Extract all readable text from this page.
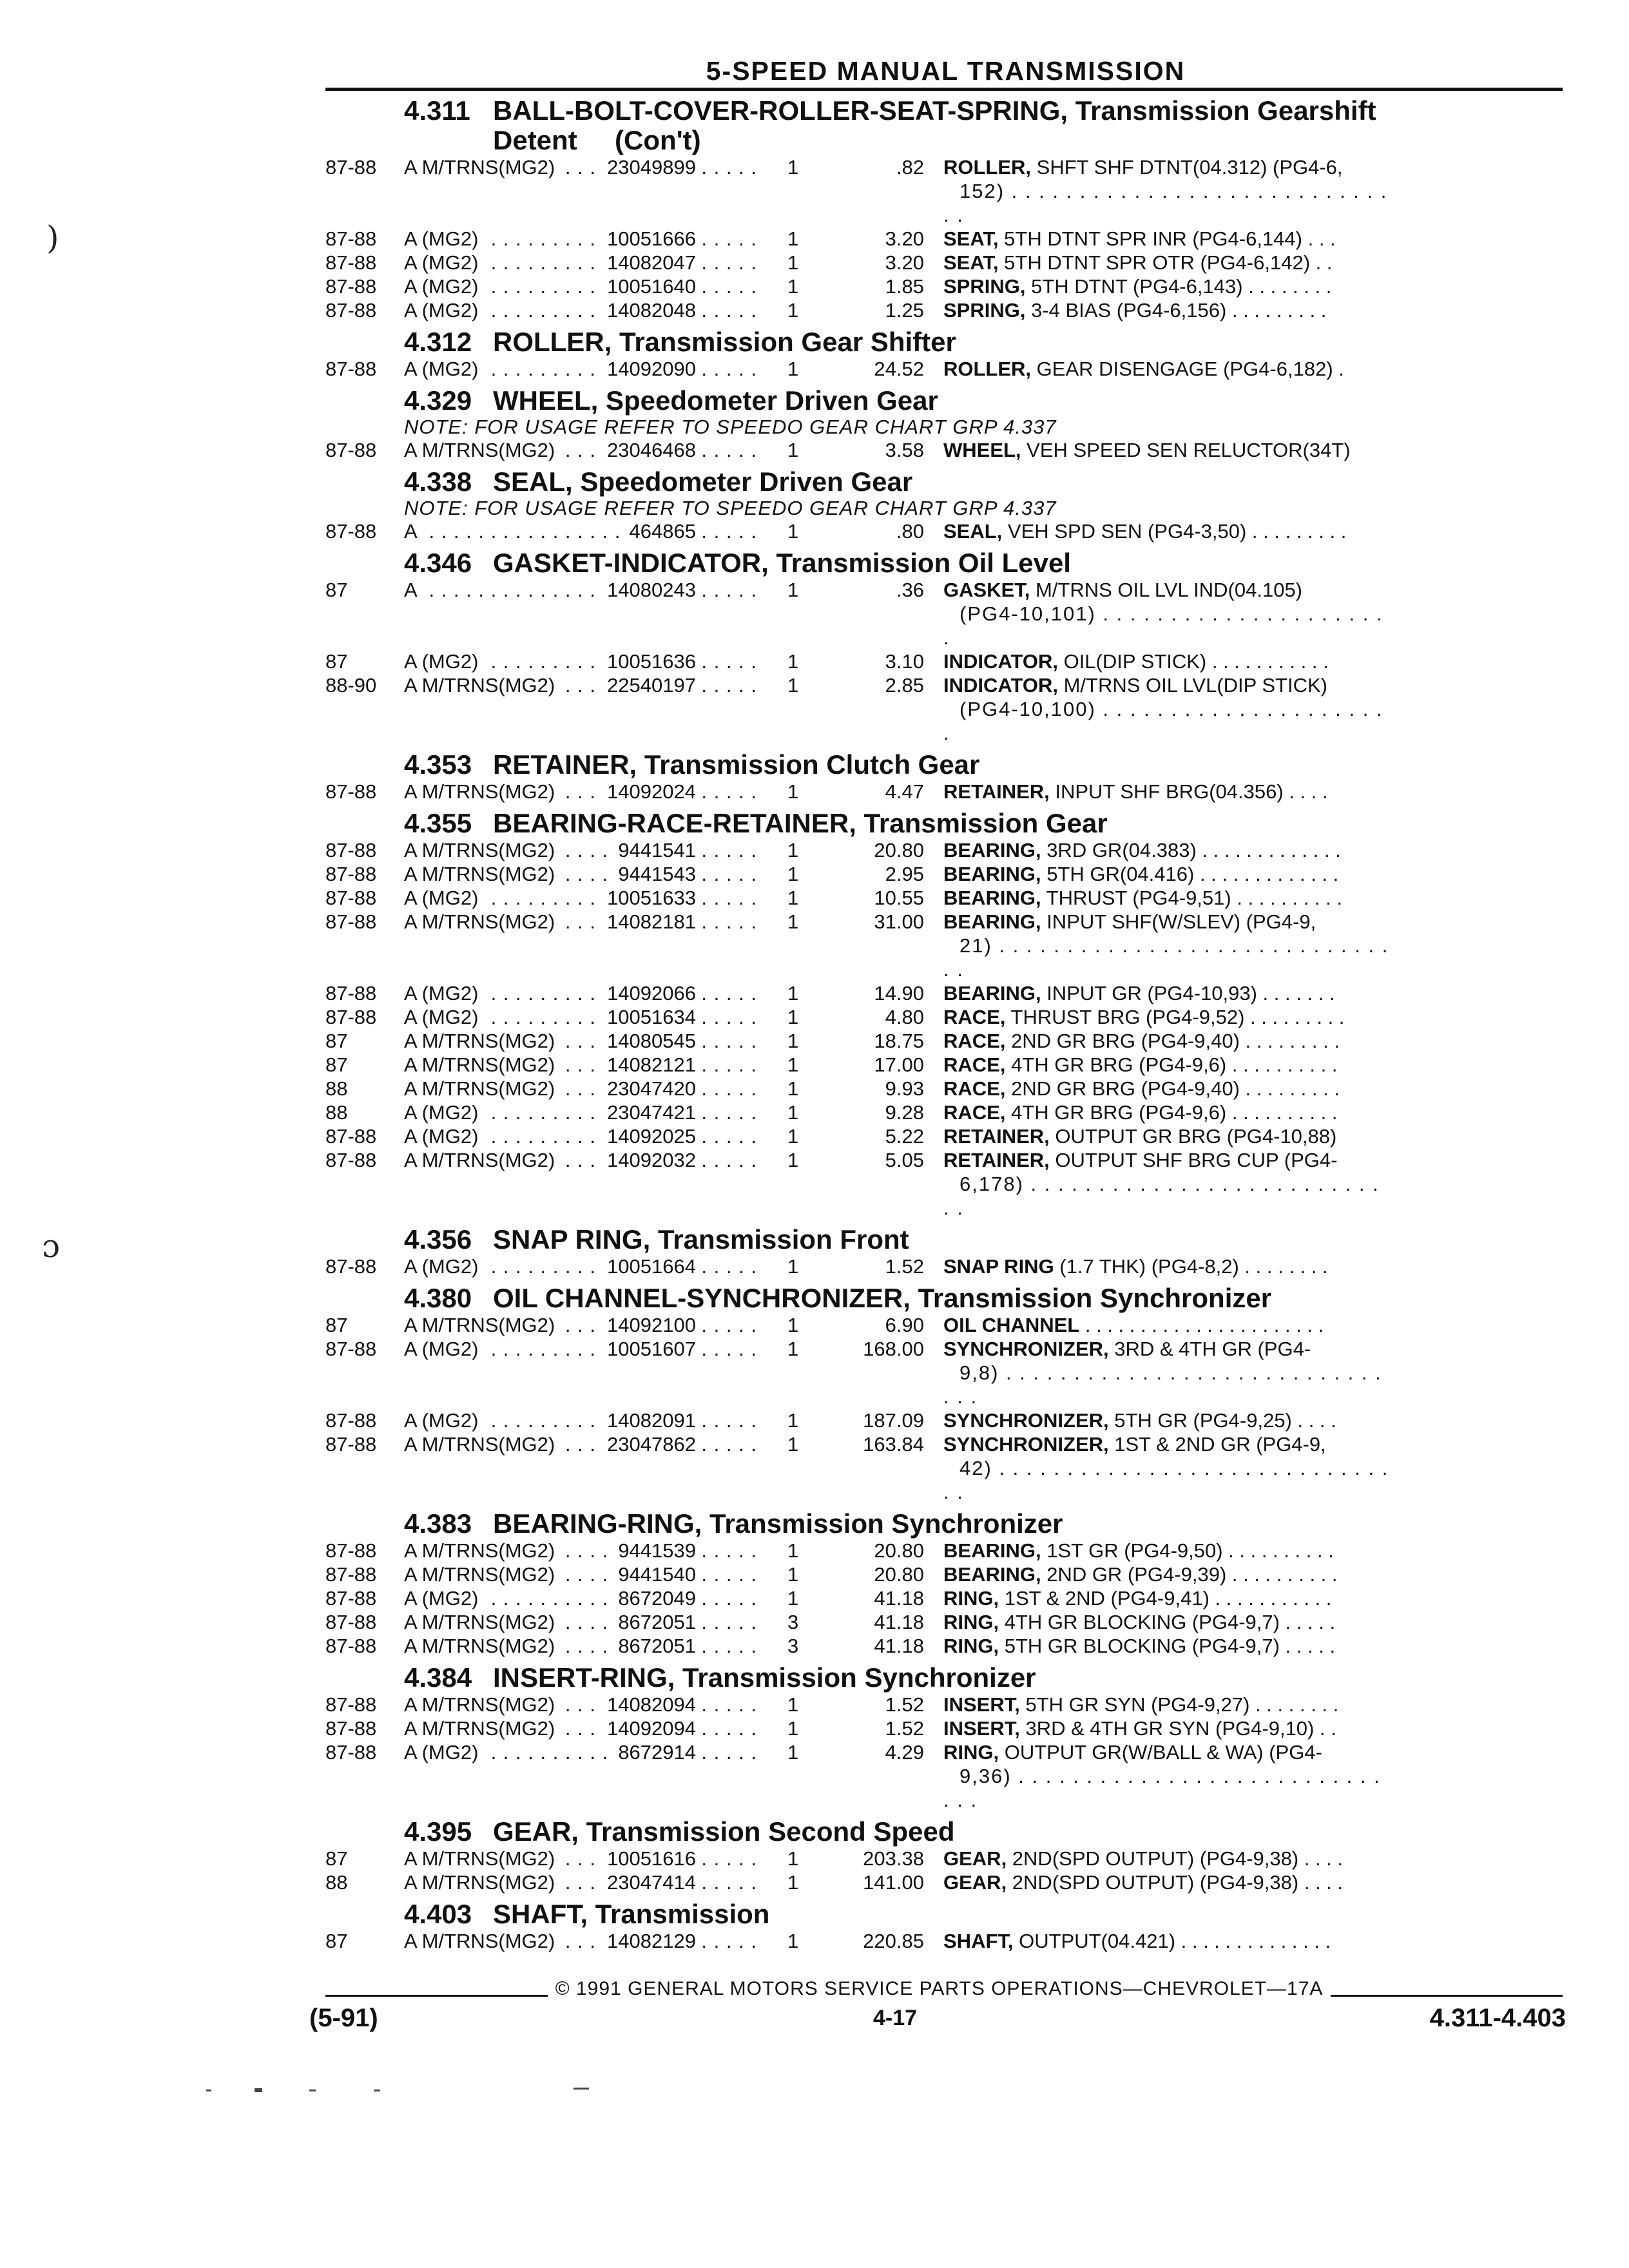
)
ɔ
5-SPEED MANUAL TRANSMISSION
4.311 BALL-BOLT-COVER-ROLLER-SEAT-SPRING, Transmission Gearshift
Detent     (Con't)
87-88	A M/TRNS(MG2) . . .	23049899	1	.82 ROLLER, SHFT SHF DTNT(04.312) (PG4-6,
152) . . . . . . . . . . . . . . . . . . . . . . . . . . . . . .
87-88	A (MG2) . . .	10051666	1	3.20 SEAT, 5TH DTNT SPR INR (PG4-6,144) . . .
87-88	A (MG2) . . .	14082047	1	3.20 SEAT, 5TH DTNT SPR OTR (PG4-6,142) . .
87-88	A (MG2) . . .	10051640	1	1.85 SPRING, 5TH DTNT (PG4-6,143) . . . . . . . .
87-88	A (MG2) . . .	14082048	1	1.25 SPRING, 3-4 BIAS (PG4-6,156) . . . . . . . . .
4.312 ROLLER, Transmission Gear Shifter
87-88	A (MG2) . . .	14092090	1	24.52 ROLLER, GEAR DISENGAGE (PG4-6,182) .
4.329 WHEEL, Speedometer Driven Gear
NOTE: FOR USAGE REFER TO SPEEDO GEAR CHART GRP 4.337
87-88	A M/TRNS(MG2) . . .	23046468	1	3.58 WHEEL, VEH SPEED SEN RELUCTOR(34T)
4.338 SEAL, Speedometer Driven Gear
NOTE: FOR USAGE REFER TO SPEEDO GEAR CHART GRP 4.337
87-88	A . . .	464865	1	.80 SEAL, VEH SPD SEN (PG4-3,50) . . . . . . . . .
4.346 GASKET-INDICATOR, Transmission Oil Level
87	A . . .	14080243	1	.36 GASKET, M/TRNS OIL LVL IND(04.105)
(PG4-10,101) . . . . . . . . . . . . . . . . . . . . . .
87	A (MG2) . . .	10051636	1	3.10 INDICATOR, OIL(DIP STICK) . . . . . . . . . . .
88-90	A M/TRNS(MG2) . . .	22540197	1	2.85 INDICATOR, M/TRNS OIL LVL(DIP STICK)
(PG4-10,100) . . . . . . . . . . . . . . . . . . . . . .
4.353 RETAINER, Transmission Clutch Gear
87-88	A M/TRNS(MG2) . . .	14092024	1	4.47 RETAINER, INPUT SHF BRG(04.356) . . . .
4.355 BEARING-RACE-RETAINER, Transmission Gear
87-88	A M/TRNS(MG2) . . .	9441541	1	20.80 BEARING, 3RD GR(04.383) . . . . . . . . . . . . .
87-88	A M/TRNS(MG2) . . .	9441543	1	2.95 BEARING, 5TH GR(04.416) . . . . . . . . . . . . .
87-88	A (MG2) . . .	10051633	1	10.55 BEARING, THRUST (PG4-9,51) . . . . . . . . . .
87-88	A M/TRNS(MG2) . . .	14082181	1	31.00 BEARING, INPUT SHF(W/SLEV) (PG4-9,
21) . . . . . . . . . . . . . . . . . . . . . . . . . . . . . . .
87-88	A (MG2) . . .	14092066	1	14.90 BEARING, INPUT GR (PG4-10,93) . . . . . . .
87-88	A (MG2) . . .	10051634	1	4.80 RACE, THRUST BRG (PG4-9,52) . . . . . . . . .
87	A M/TRNS(MG2) . . .	14080545	1	18.75 RACE, 2ND GR BRG (PG4-9,40) . . . . . . . . .
87	A M/TRNS(MG2) . . .	14082121	1	17.00 RACE, 4TH GR BRG (PG4-9,6) . . . . . . . . . .
88	A M/TRNS(MG2) . . .	23047420	1	9.93 RACE, 2ND GR BRG (PG4-9,40) . . . . . . . . .
88	A (MG2) . . .	23047421	1	9.28 RACE, 4TH GR BRG (PG4-9,6) . . . . . . . . . .
87-88	A (MG2) . . .	14092025	1	5.22 RETAINER, OUTPUT GR BRG (PG4-10,88)
87-88	A M/TRNS(MG2) . . .	14092032	1	5.05 RETAINER, OUTPUT SHF BRG CUP (PG4-
6,178) . . . . . . . . . . . . . . . . . . . . . . . . . . . .
4.356 SNAP RING, Transmission Front
87-88	A (MG2) . . .	10051664	1	1.52 SNAP RING (1.7 THK) (PG4-8,2) . . . . . . . .
4.380 OIL CHANNEL-SYNCHRONIZER, Transmission Synchronizer
87	A M/TRNS(MG2) . . .	14092100	1	6.90 OIL CHANNEL . . . . . . . . . . . . . . . . . . . . . .
87-88	A (MG2) . . .	10051607	1	168.00 SYNCHRONIZER, 3RD & 4TH GR (PG4-
9,8) . . . . . . . . . . . . . . . . . . . . . . . . . . . . . . .
87-88	A (MG2) . . .	14082091	1	187.09 SYNCHRONIZER, 5TH GR (PG4-9,25) . . . .
87-88	A M/TRNS(MG2) . . .	23047862	1	163.84 SYNCHRONIZER, 1ST & 2ND GR (PG4-9,
42) . . . . . . . . . . . . . . . . . . . . . . . . . . . . . . .
4.383 BEARING-RING, Transmission Synchronizer
87-88	A M/TRNS(MG2) . . .	9441539	1	20.80 BEARING, 1ST GR (PG4-9,50) . . . . . . . . . .
87-88	A M/TRNS(MG2) . . .	9441540	1	20.80 BEARING, 2ND GR (PG4-9,39) . . . . . . . . . .
87-88	A (MG2) . . .	8672049	1	41.18 RING, 1ST & 2ND (PG4-9,41) . . . . . . . . . . .
87-88	A M/TRNS(MG2) . . .	8672051	3	41.18 RING, 4TH GR BLOCKING (PG4-9,7) . . . . .
87-88	A M/TRNS(MG2) . . .	8672051	3	41.18 RING, 5TH GR BLOCKING (PG4-9,7) . . . . .
4.384 INSERT-RING, Transmission Synchronizer
87-88	A M/TRNS(MG2) . . .	14082094	1	1.52 INSERT, 5TH GR SYN (PG4-9,27) . . . . . . . .
87-88	A M/TRNS(MG2) . . .	14092094	1	1.52 INSERT, 3RD & 4TH GR SYN (PG4-9,10) . .
87-88	A (MG2) . . .	8672914	1	4.29 RING, OUTPUT GR(W/BALL & WA) (PG4-
9,36) . . . . . . . . . . . . . . . . . . . . . . . . . . . . . .
4.395 GEAR, Transmission Second Speed
87	A M/TRNS(MG2) . . .	10051616	1	203.38 GEAR, 2ND(SPD OUTPUT) (PG4-9,38) . . . .
88	A M/TRNS(MG2) . . .	23047414	1	141.00 GEAR, 2ND(SPD OUTPUT) (PG4-9,38) . . . .
4.403 SHAFT, Transmission
87	A M/TRNS(MG2) . . .	14082129	1	220.85 SHAFT, OUTPUT(04.421) . . . . . . . . . . . . . .
© 1991 GENERAL MOTORS SERVICE PARTS OPERATIONS—CHEVROLET—17A
(5-91)	4-17	4.311-4.403
